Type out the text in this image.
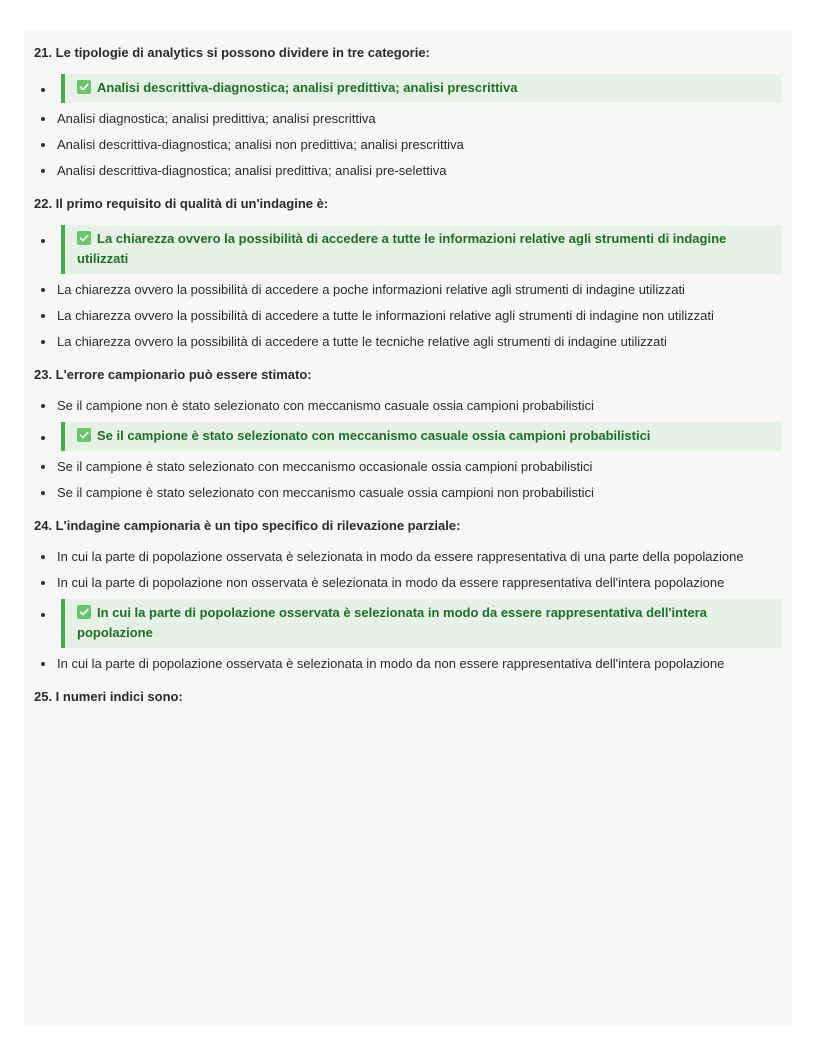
21. Le tipologie di analytics si possono dividere in tre categorie:
Analisi descrittiva-diagnostica; analisi predittiva; analisi prescrittiva
Analisi diagnostica; analisi predittiva; analisi prescrittiva
Analisi descrittiva-diagnostica; analisi non predittiva; analisi prescrittiva
Analisi descrittiva-diagnostica; analisi predittiva; analisi pre-selettiva
22. Il primo requisito di qualità di un'indagine è:
La chiarezza ovvero la possibilità di accedere a tutte le informazioni relative agli strumenti di indagine utilizzati
La chiarezza ovvero la possibilità di accedere a poche informazioni relative agli strumenti di indagine utilizzati
La chiarezza ovvero la possibilità di accedere a tutte le informazioni relative agli strumenti di indagine non utilizzati
La chiarezza ovvero la possibilità di accedere a tutte le tecniche relative agli strumenti di indagine utilizzati
23. L'errore campionario può essere stimato:
Se il campione non è stato selezionato con meccanismo casuale ossia campioni probabilistici
Se il campione è stato selezionato con meccanismo casuale ossia campioni probabilistici
Se il campione è stato selezionato con meccanismo occasionale ossia campioni probabilistici
Se il campione è stato selezionato con meccanismo casuale ossia campioni non probabilistici
24. L'indagine campionaria è un tipo specifico di rilevazione parziale:
In cui la parte di popolazione osservata è selezionata in modo da essere rappresentativa di una parte della popolazione
In cui la parte di popolazione non osservata è selezionata in modo da essere rappresentativa dell'intera popolazione
In cui la parte di popolazione osservata è selezionata in modo da essere rappresentativa dell'intera popolazione
In cui la parte di popolazione osservata è selezionata in modo da non essere rappresentativa dell'intera popolazione
25. I numeri indici sono:
